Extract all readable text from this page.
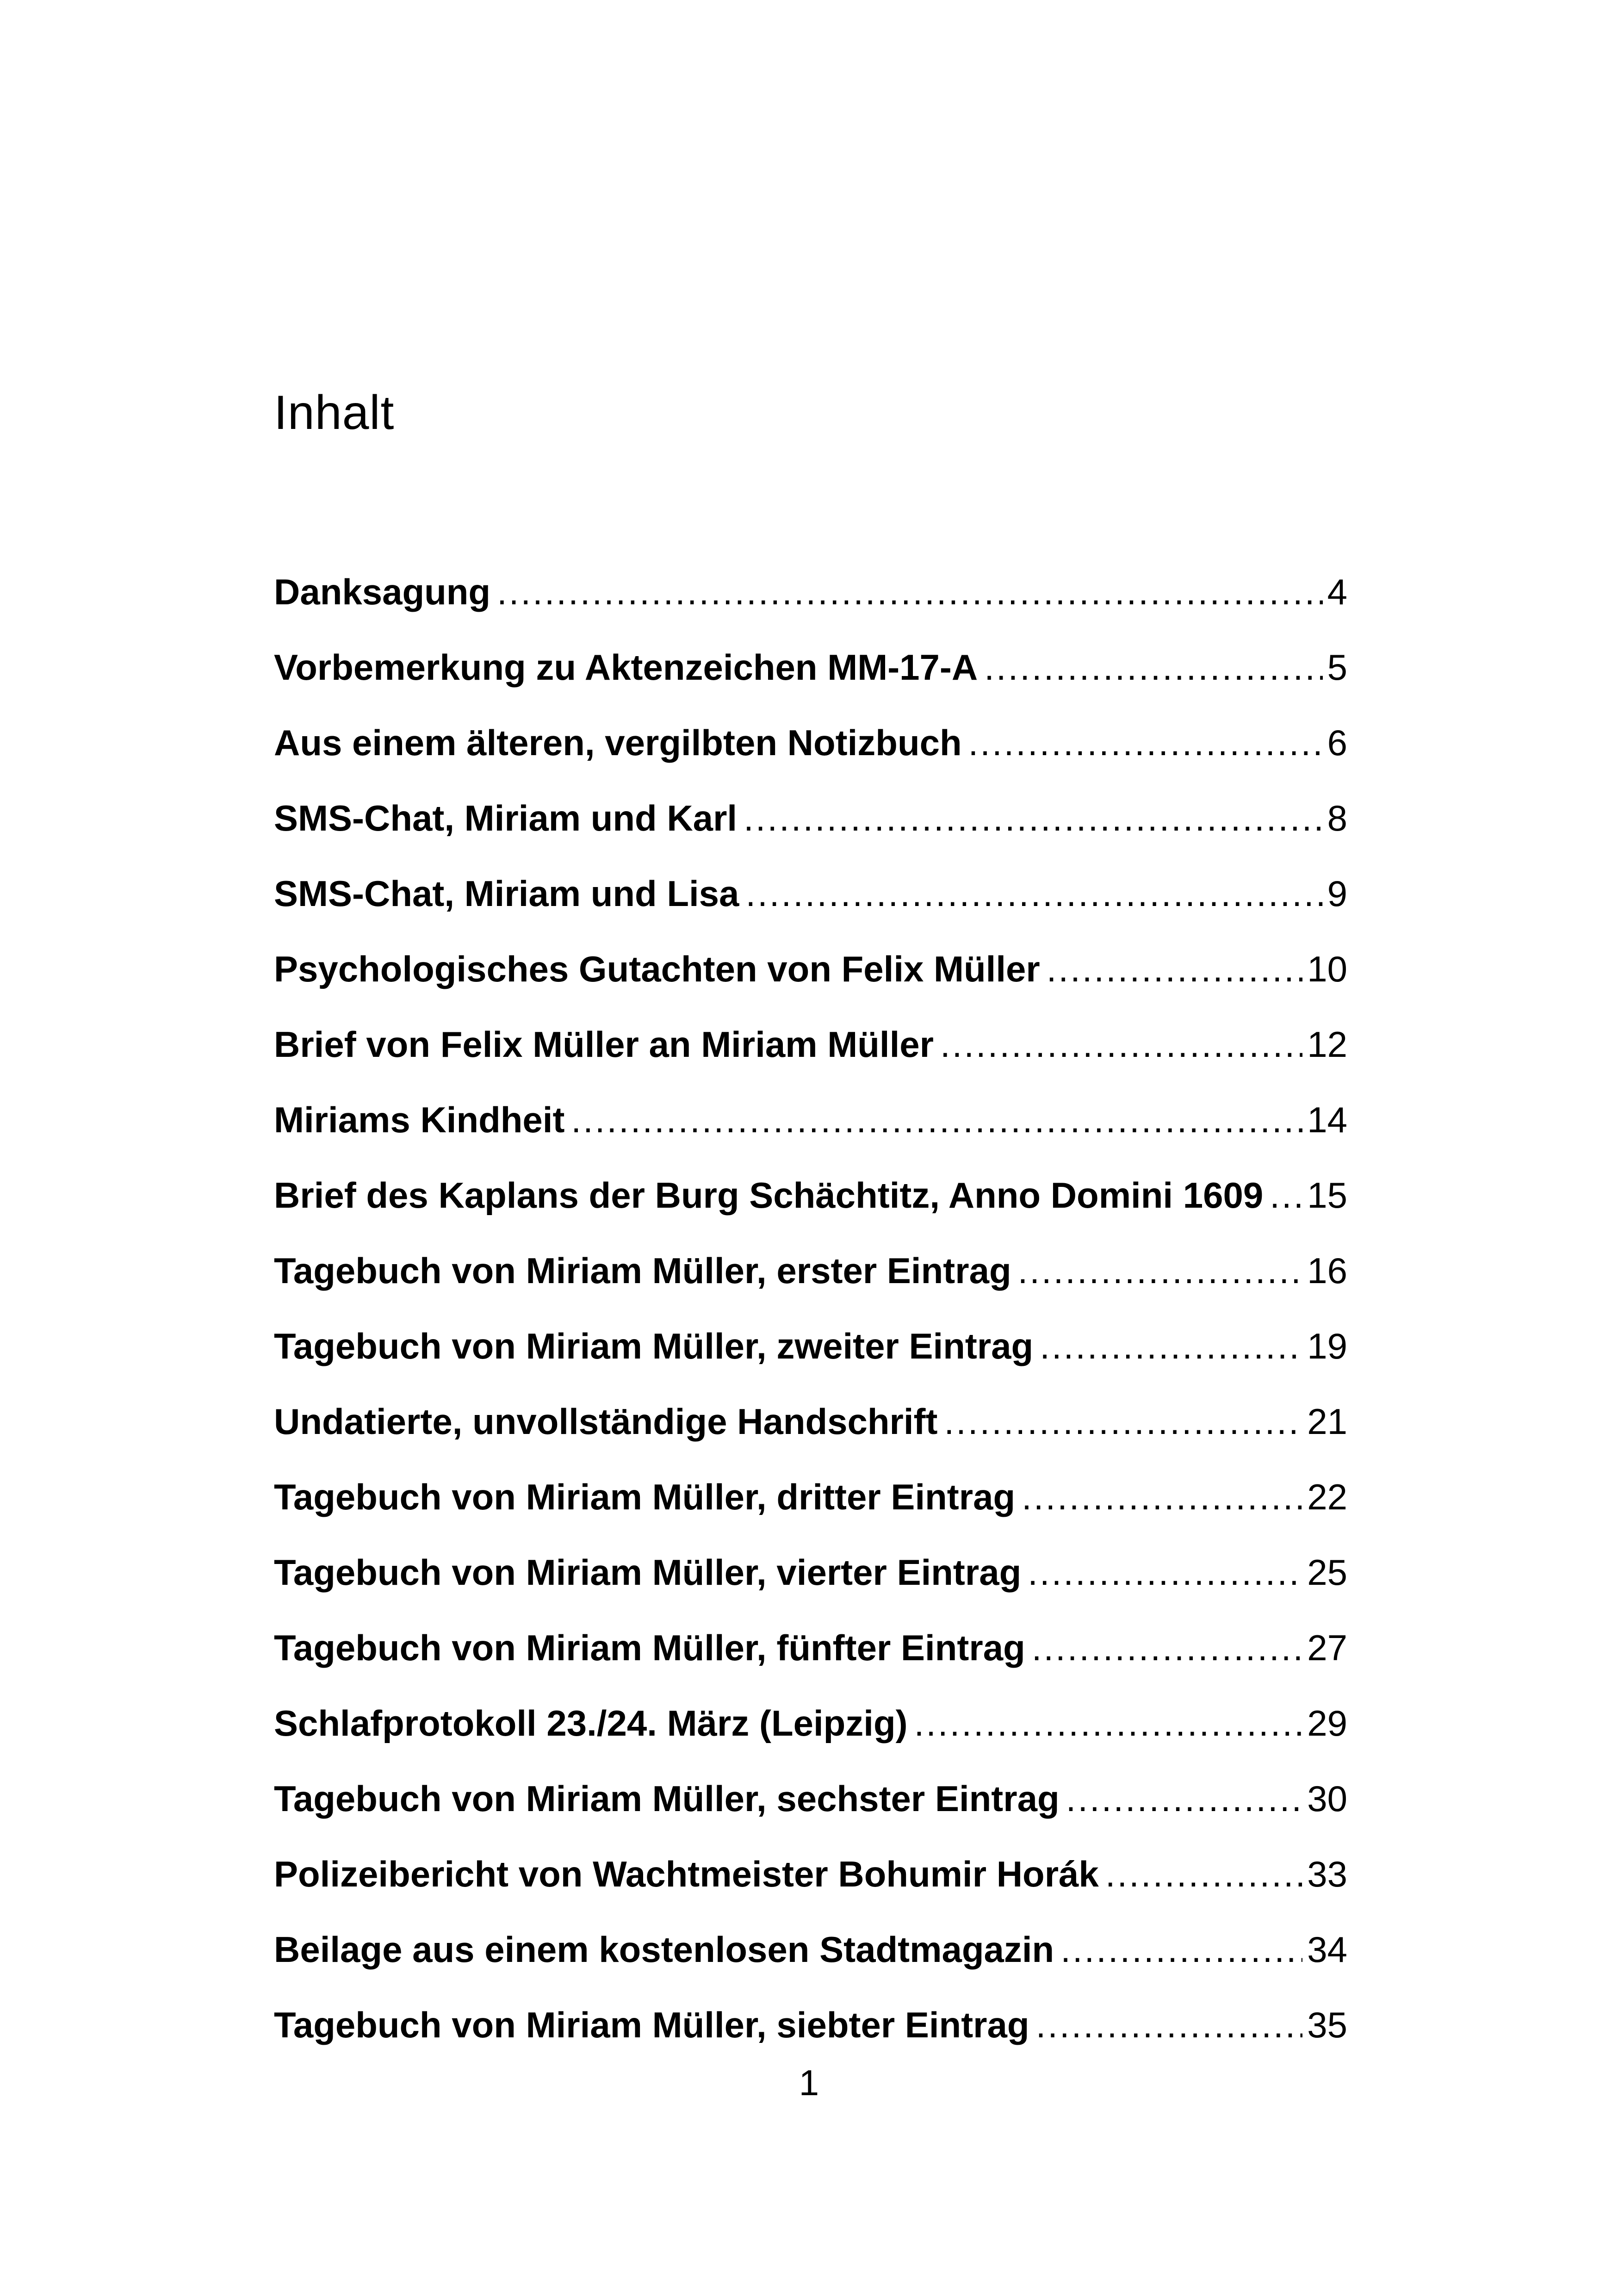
Inhalt
Danksagung .....	4
Vorbemerkung zu Aktenzeichen MM-17-A .....	5
Aus einem älteren, vergilbten Notizbuch .....	6
SMS-Chat, Miriam und Karl .....	8
SMS-Chat, Miriam und Lisa .....	9
Psychologisches Gutachten von Felix Müller .....	10
Brief von Felix Müller an Miriam Müller .....	12
Miriams Kindheit .....	14
Brief des Kaplans der Burg Schächtitz, Anno Domini 1609 ..... 15
Tagebuch von Miriam Müller, erster Eintrag .....	16
Tagebuch von Miriam Müller, zweiter Eintrag .....	19
Undatierte, unvollständige Handschrift .....	21
Tagebuch von Miriam Müller, dritter Eintrag .....	22
Tagebuch von Miriam Müller, vierter Eintrag .....	25
Tagebuch von Miriam Müller, fünfter Eintrag .....	27
Schlafprotokoll 23./24. März (Leipzig) .....	29
Tagebuch von Miriam Müller, sechster Eintrag .....	30
Polizeibericht von Wachtmeister Bohumir Horák .....	33
Beilage aus einem kostenlosen Stadtmagazin .....	34
Tagebuch von Miriam Müller, siebter Eintrag .....	35
1
